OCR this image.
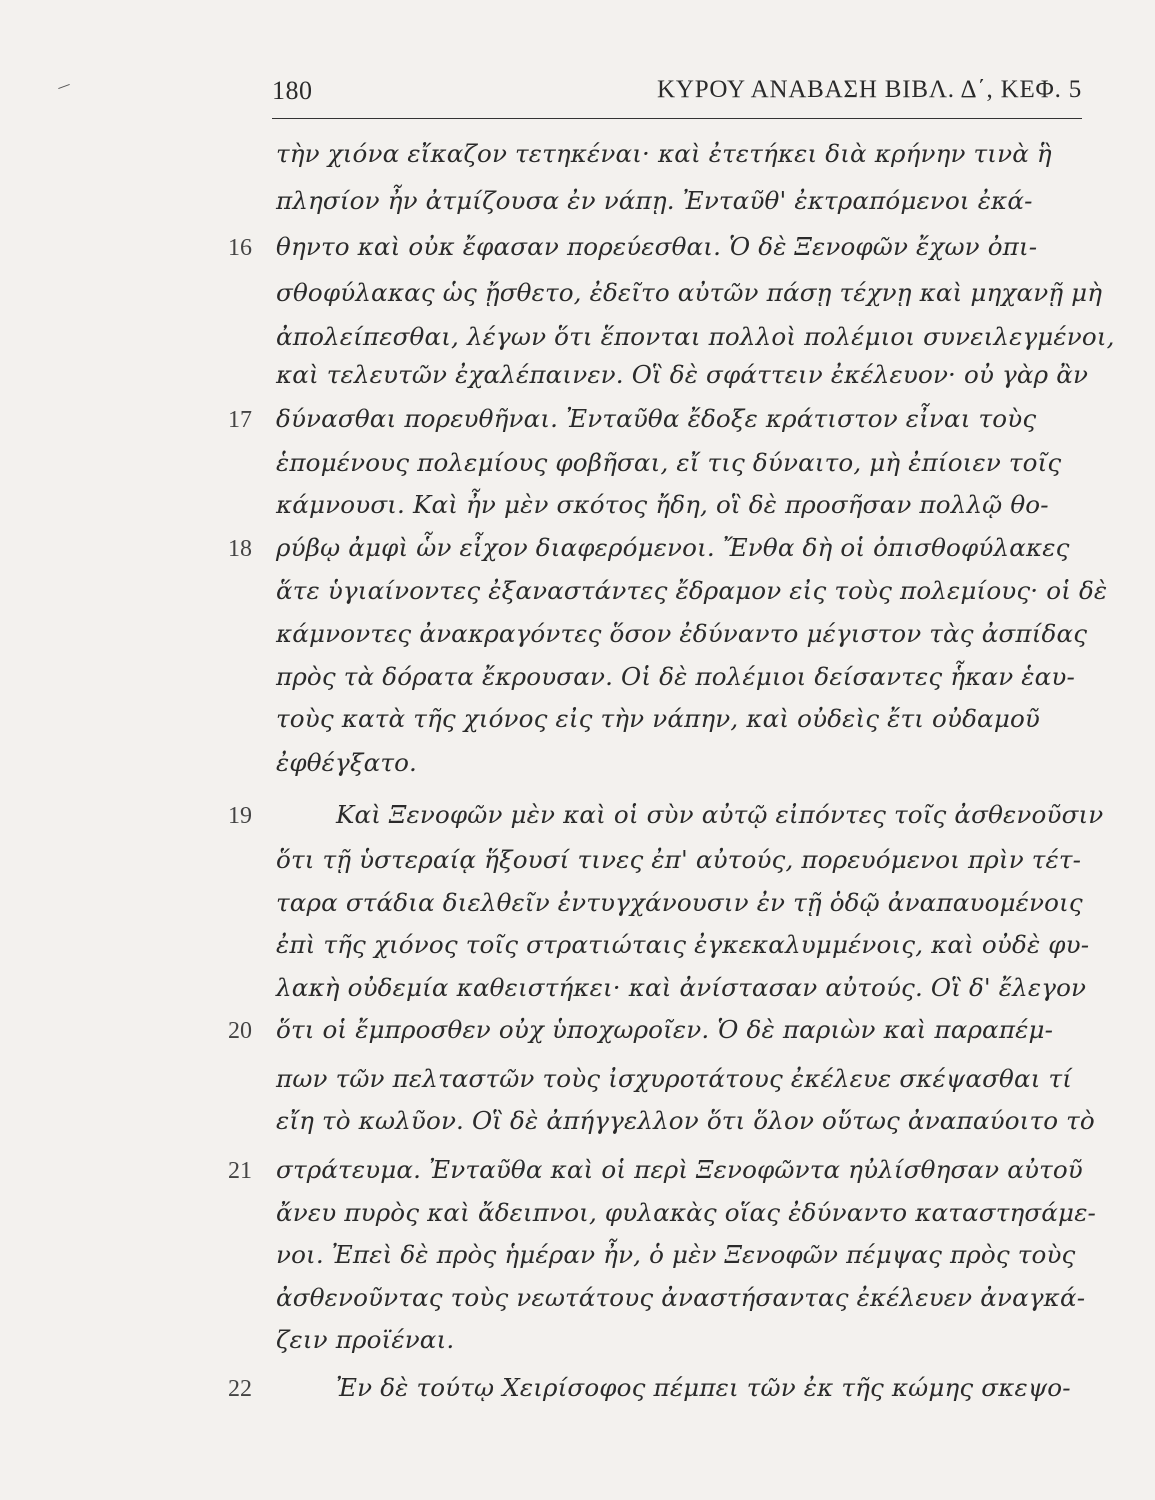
180	ΚΥΡΟΥ ΑΝΑΒΑΣΗ ΒΙΒΛ. Δ΄, ΚΕΦ. 5
16
17
18
19
20
21
22
τὴν χιόνα εἴκαζον τετηκέναι· καὶ ἐτετήκει διὰ κρήνην τινὰ ἣ
πλησίον ἦν ἀτμίζουσα ἐν νάπῃ. Ἐνταῦθ' ἐκτραπόμενοι ἐκά-
θηντο καὶ οὐκ ἔφασαν πορεύεσθαι. Ὁ δὲ Ξενοφῶν ἔχων ὀπι-
σθοφύλακας ὡς ᾔσθετο, ἐδεῖτο αὐτῶν πάσῃ τέχνῃ καὶ μηχανῇ μὴ
ἀπολείπεσθαι, λέγων ὅτι ἕπονται πολλοὶ πολέμιοι συνειλεγμένοι,
καὶ τελευτῶν ἐχαλέπαινεν. Οἳ δὲ σφάττειν ἐκέλευον· οὐ γὰρ ἂν
δύνασθαι πορευθῆναι. Ἐνταῦθα ἔδοξε κράτιστον εἶναι τοὺς
ἑπομένους πολεμίους φοβῆσαι, εἴ τις δύναιτο, μὴ ἐπίοιεν τοῖς
κάμνουσι. Καὶ ἦν μὲν σκότος ἤδη, οἳ δὲ προσῆσαν πολλῷ θο-
ρύβῳ ἀμφὶ ὧν εἶχον διαφερόμενοι. Ἔνθα δὴ οἱ ὀπισθοφύλακες
ἅτε ὑγιαίνοντες ἐξαναστάντες ἔδραμον εἰς τοὺς πολεμίους· οἱ δὲ
κάμνοντες ἀνακραγόντες ὅσον ἐδύναντο μέγιστον τὰς ἀσπίδας
πρὸς τὰ δόρατα ἔκρουσαν. Οἱ δὲ πολέμιοι δείσαντες ἧκαν ἑαυ-
τοὺς κατὰ τῆς χιόνος εἰς τὴν νάπην, καὶ οὐδεὶς ἔτι οὐδαμοῦ
ἐφθέγξατο.
Καὶ Ξενοφῶν μὲν καὶ οἱ σὺν αὐτῷ εἰπόντες τοῖς ἀσθενοῦσιν
ὅτι τῇ ὑστεραίᾳ ἥξουσί τινες ἐπ' αὐτούς, πορευόμενοι πρὶν τέτ-
ταρα στάδια διελθεῖν ἐντυγχάνουσιν ἐν τῇ ὁδῷ ἀναπαυομένοις
ἐπὶ τῆς χιόνος τοῖς στρατιώταις ἐγκεκαλυμμένοις, καὶ οὐδὲ φυ-
λακὴ οὐδεμία καθειστήκει· καὶ ἀνίστασαν αὐτούς. Οἳ δ' ἔλεγον
ὅτι οἱ ἔμπροσθεν οὐχ ὑποχωροῖεν. Ὁ δὲ παριὼν καὶ παραπέμ-
πων τῶν πελταστῶν τοὺς ἰσχυροτάτους ἐκέλευε σκέψασθαι τί
εἴη τὸ κωλῦον. Οἳ δὲ ἀπήγγελλον ὅτι ὅλον οὕτως ἀναπαύοιτο τὸ
στράτευμα. Ἐνταῦθα καὶ οἱ περὶ Ξενοφῶντα ηὐλίσθησαν αὐτοῦ
ἄνευ πυρὸς καὶ ἄδειπνοι, φυλακὰς οἵας ἐδύναντο καταστησάμε-
νοι. Ἐπεὶ δὲ πρὸς ἡμέραν ἦν, ὁ μὲν Ξενοφῶν πέμψας πρὸς τοὺς
ἀσθενοῦντας τοὺς νεωτάτους ἀναστήσαντας ἐκέλευεν ἀναγκά-
ζειν προϊέναι.
Ἐν δὲ τούτῳ Χειρίσοφος πέμπει τῶν ἐκ τῆς κώμης σκεψο-
